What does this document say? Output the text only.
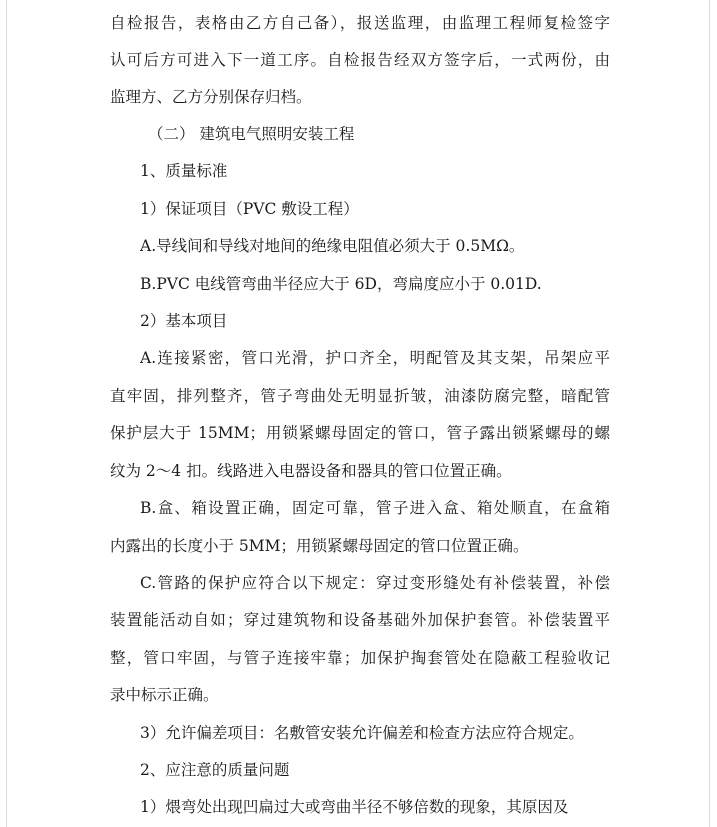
自检报告，表格由乙方自己备），报送监理，由监理工程师复检签字
认可后方可进入下一道工序。自检报告经双方签字后，一式两份，由
监理方、乙方分别保存归档。
（二） 建筑电气照明安装工程
1、质量标准
1）保证项目（PVC 敷设工程）
A.导线间和导线对地间的绝缘电阻值必须大于 0.5MΩ。
B.PVC 电线管弯曲半径应大于 6D，弯扁度应小于 0.01D.
2）基本项目
A.连接紧密，管口光滑，护口齐全，明配管及其支架，吊架应平
直牢固，排列整齐，管子弯曲处无明显折皱，油漆防腐完整，暗配管
保护层大于 15MM；用锁紧螺母固定的管口，管子露出锁紧螺母的螺
纹为 2～4 扣。线路进入电器设备和器具的管口位置正确。
B.盒、箱设置正确，固定可靠，管子进入盒、箱处顺直，在盒箱
内露出的长度小于 5MM；用锁紧螺母固定的管口位置正确。
C.管路的保护应符合以下规定：穿过变形缝处有补偿装置，补偿
装置能活动自如；穿过建筑物和设备基础外加保护套管。补偿装置平
整，管口牢固，与管子连接牢靠；加保护掏套管处在隐蔽工程验收记
录中标示正确。
3）允许偏差项目：名敷管安装允许偏差和检查方法应符合规定。
2、应注意的质量问题
1）煨弯处出现凹扁过大或弯曲半径不够倍数的现象，其原因及
